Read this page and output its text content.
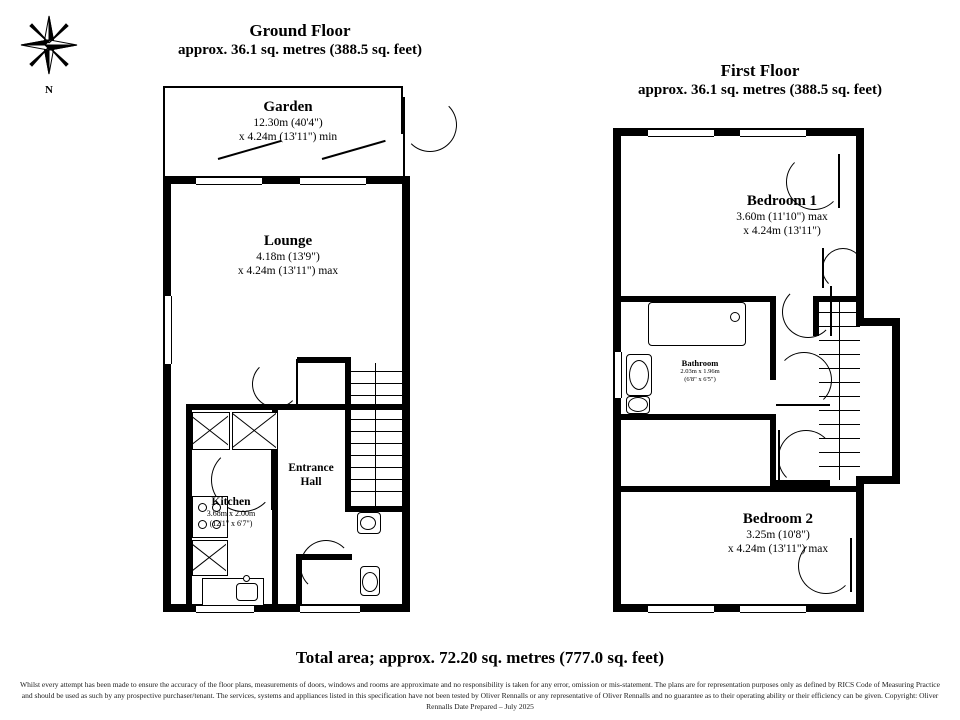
N
Ground Floor
approx. 36.1 sq. metres (388.5 sq. feet)
First Floor
approx. 36.1 sq. metres (388.5 sq. feet)
Garden
12.30m (40'4")
x 4.24m (13'11") min
Lounge
4.18m (13'9")
x 4.24m (13'11") max
Kitchen
3.68m x 2.00m
(12'1" x 6'7")
Entrance
Hall
Bedroom 1
3.60m (11'10") max
x 4.24m (13'11")
Bathroom
2.03m x 1.96m
(6'8" x 6'5")
Bedroom 2
3.25m (10'8")
x 4.24m (13'11") max
Total area; approx. 72.20 sq. metres (777.0 sq. feet)
Whilst every attempt has been made to ensure the accuracy of the floor plans, measurements of doors, windows and rooms are approximate and no responsibility is taken for any error, omission or mis-statement. The plans are for representation purposes only as defined by RICS Code of Measuring Practice and should be used as such by any prospective purchaser/tenant. The services, systems and appliances listed in this specification have not been tested by Oliver Rennalls or any representative of Oliver Rennalls and no guarantee as to their operating ability or their efficiency can be given. Copyright: Oliver Rennalls Date Prepared – July 2025
